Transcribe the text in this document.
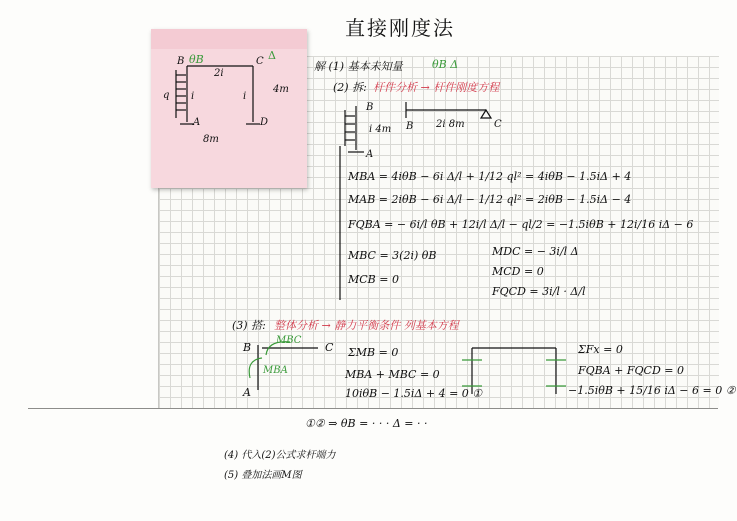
直接刚度法
B θB	C Δ
q
2i
i	i
4m
A	D
8m
解 (1) 基本未知量	θB Δ
(2) 拆: 杆件分析 → 杆件刚度方程
B
i 4m
A
B 2i 8m	C
MBA = 4iθB − 6i Δ/l + 1/12 ql² = 4iθB − 1.5iΔ + 4
MAB = 2iθB − 6i Δ/l − 1/12 ql² = 2iθB − 1.5iΔ − 4
FQBA = − 6i/l θB + 12i/l Δ/l − ql/2 = −1.5iθB + 12i/16 iΔ − 6
MBC = 3(2i) θB
MCB = 0
MDC = − 3i/l Δ
MCD = 0
FQCD = 3i/l · Δ/l
(3) 搭: 整体分析 → 静力平衡条件 列基本方程
B	C
A
MBC
MBA
ΣMB = 0
MBA + MBC = 0
10iθB − 1.5iΔ + 4 = 0 ①
ΣFx = 0
FQBA + FQCD = 0
−1.5iθB + 15/16 iΔ − 6 = 0 ②
①② ⇒ θB = · · · Δ = · ·
(4) 代入(2)公式求杆端力
(5) 叠加法画M图
